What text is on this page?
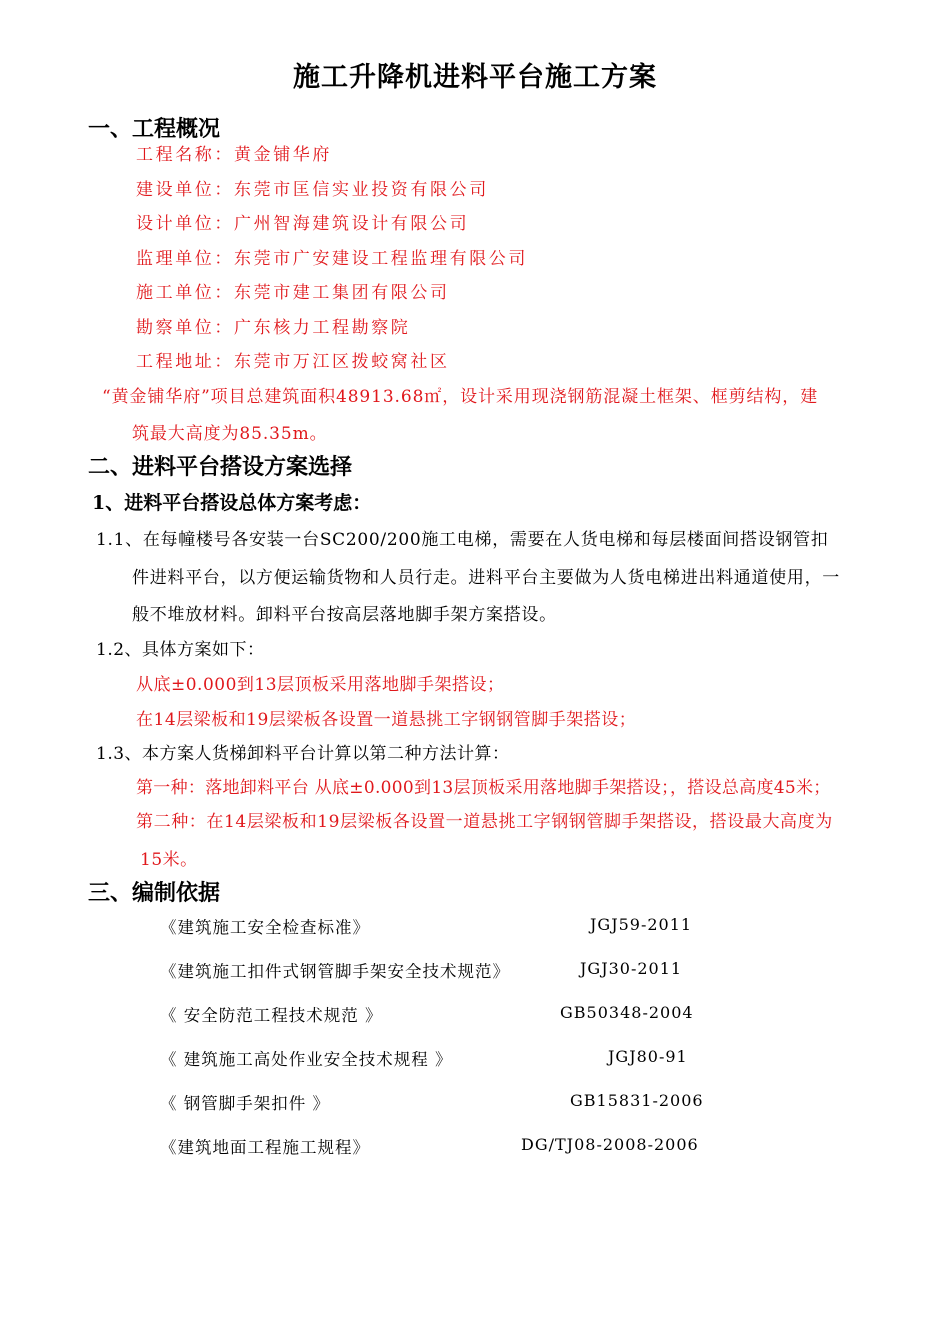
施工升降机进料平台施工方案
一、工程概况
工程名称：黄金铺华府
建设单位：东莞市匡信实业投资有限公司
设计单位：广州智海建筑设计有限公司
监理单位：东莞市广安建设工程监理有限公司
施工单位：东莞市建工集团有限公司
勘察单位：广东核力工程勘察院
工程地址：东莞市万江区拨蛟窝社区
“黄金铺华府”项目总建筑面积48913.68㎡，设计采用现浇钢筋混凝土框架、框剪结构，建
筑最大高度为85.35m。
二、进料平台搭设方案选择
1、进料平台搭设总体方案考虑：
1.1、在每幢楼号各安装一台SC200/200施工电梯，需要在人货电梯和每层楼面间搭设钢管扣
件进料平台，以方便运输货物和人员行走。进料平台主要做为人货电梯进出料通道使用，一
般不堆放材料。卸料平台按高层落地脚手架方案搭设。
1.2、具体方案如下：
从底±0.000到13层顶板采用落地脚手架搭设；
在14层梁板和19层梁板各设置一道悬挑工字钢钢管脚手架搭设；
1.3、本方案人货梯卸料平台计算以第二种方法计算：
第一种：落地卸料平台 从底±0.000到13层顶板采用落地脚手架搭设；，搭设总高度45米；
第二种：在14层梁板和19层梁板各设置一道悬挑工字钢钢管脚手架搭设，搭设最大高度为
15米。
三、编制依据
《建筑施工安全检查标准》	JGJ59-2011
《建筑施工扣件式钢管脚手架安全技术规范》	JGJ30-2011
《 安全防范工程技术规范 》	GB50348-2004
《 建筑施工高处作业安全技术规程 》	JGJ80-91
《 钢管脚手架扣件 》	GB15831-2006
《建筑地面工程施工规程》	DG/TJ08-2008-2006
